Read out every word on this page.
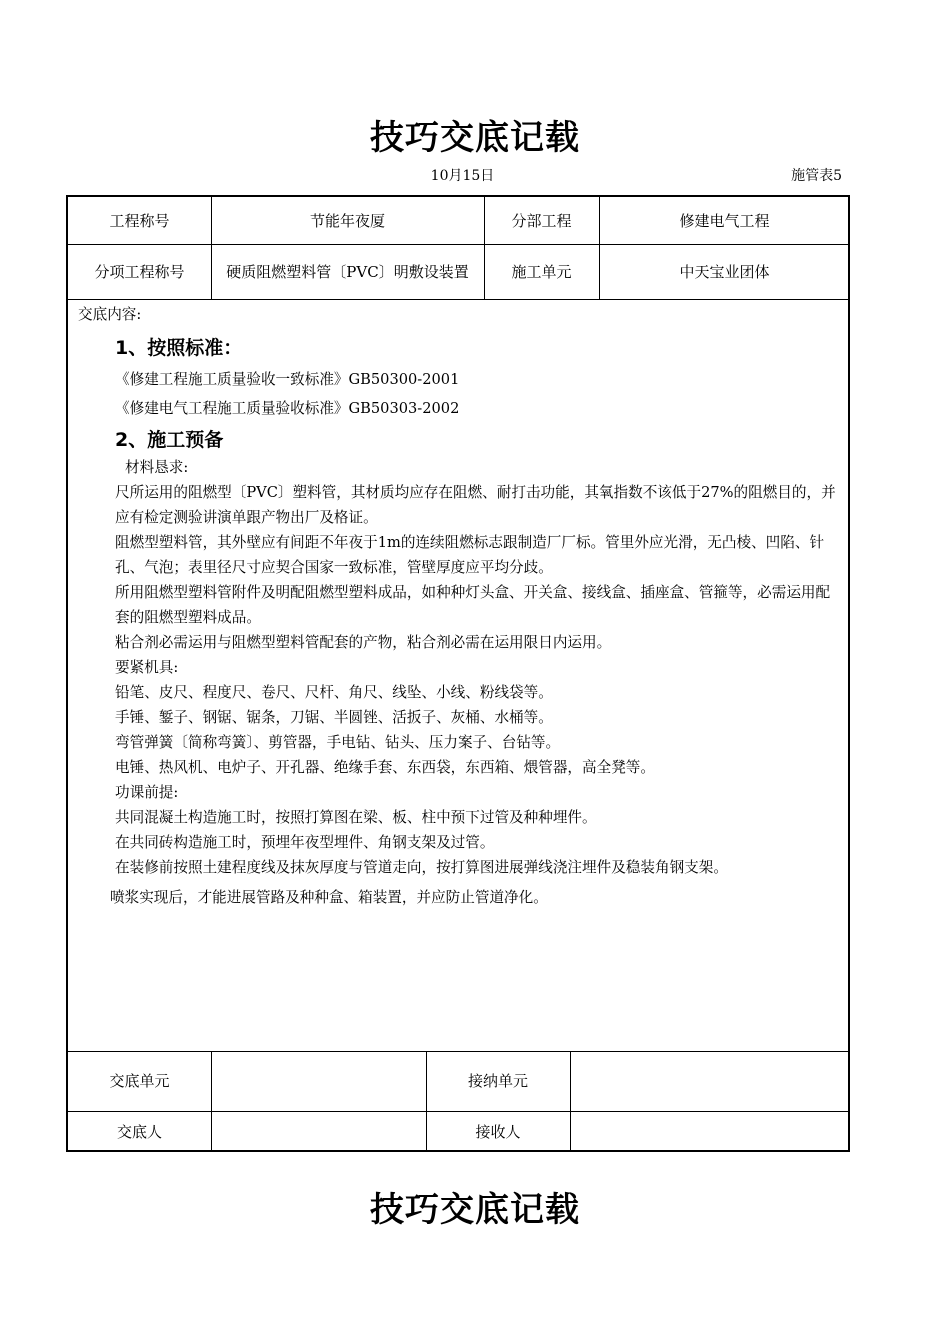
技巧交底记载
10月15日	施管表5
工程称号	节能年夜厦	分部工程	修建电气工程
分项工程称号	硬质阻燃塑料管〔PVC〕明敷设装置	施工单元	中天宝业团体
交底内容:
1、按照标准：
《修建工程施工质量验收一致标准》GB50300-2001
《修建电气工程施工质量验收标准》GB50303-2002
2、施工预备
材料恳求:
尺所运用的阻燃型〔PVC〕塑料管，其材质均应存在阻燃、耐打击功能，其氧指数不该低于27%的阻燃目的，并应有检定测验讲演单跟产物出厂及格证。
阻燃型塑料管，其外壁应有间距不年夜于1m的连续阻燃标志跟制造厂厂标。管里外应光滑，无凸棱、凹陷、针孔、气泡；表里径尺寸应契合国家一致标准，管壁厚度应平均分歧。
所用阻燃型塑料管附件及明配阻燃型塑料成品，如种种灯头盒、开关盒、接线盒、插座盒、管箍等，必需运用配套的阻燃型塑料成品。
粘合剂必需运用与阻燃型塑料管配套的产物，粘合剂必需在运用限日内运用。
要紧机具:
铅笔、皮尺、程度尺、卷尺、尺杆、角尺、线坠、小线、粉线袋等。
手锤、錾子、钢锯、锯条，刀锯、半圆锉、活扳子、灰桶、水桶等。
弯管弹簧〔简称弯簧〕、剪管器，手电钻、钻头、压力案子、台钻等。
电锤、热风机、电炉子、开孔器、绝缘手套、东西袋，东西箱、煨管器，高全凳等。
功课前提:
共同混凝土构造施工时，按照打算图在梁、板、柱中预下过管及种种埋件。
在共同砖构造施工时，预埋年夜型埋件、角钢支架及过管。
在装修前按照土建程度线及抹灰厚度与管道走向，按打算图进展弹线浇注埋件及稳装角钢支架。
喷浆实现后，才能进展管路及种种盒、箱装置，并应防止管道净化。
交底单元	接纳单元
交底人	接收人
技巧交底记载
